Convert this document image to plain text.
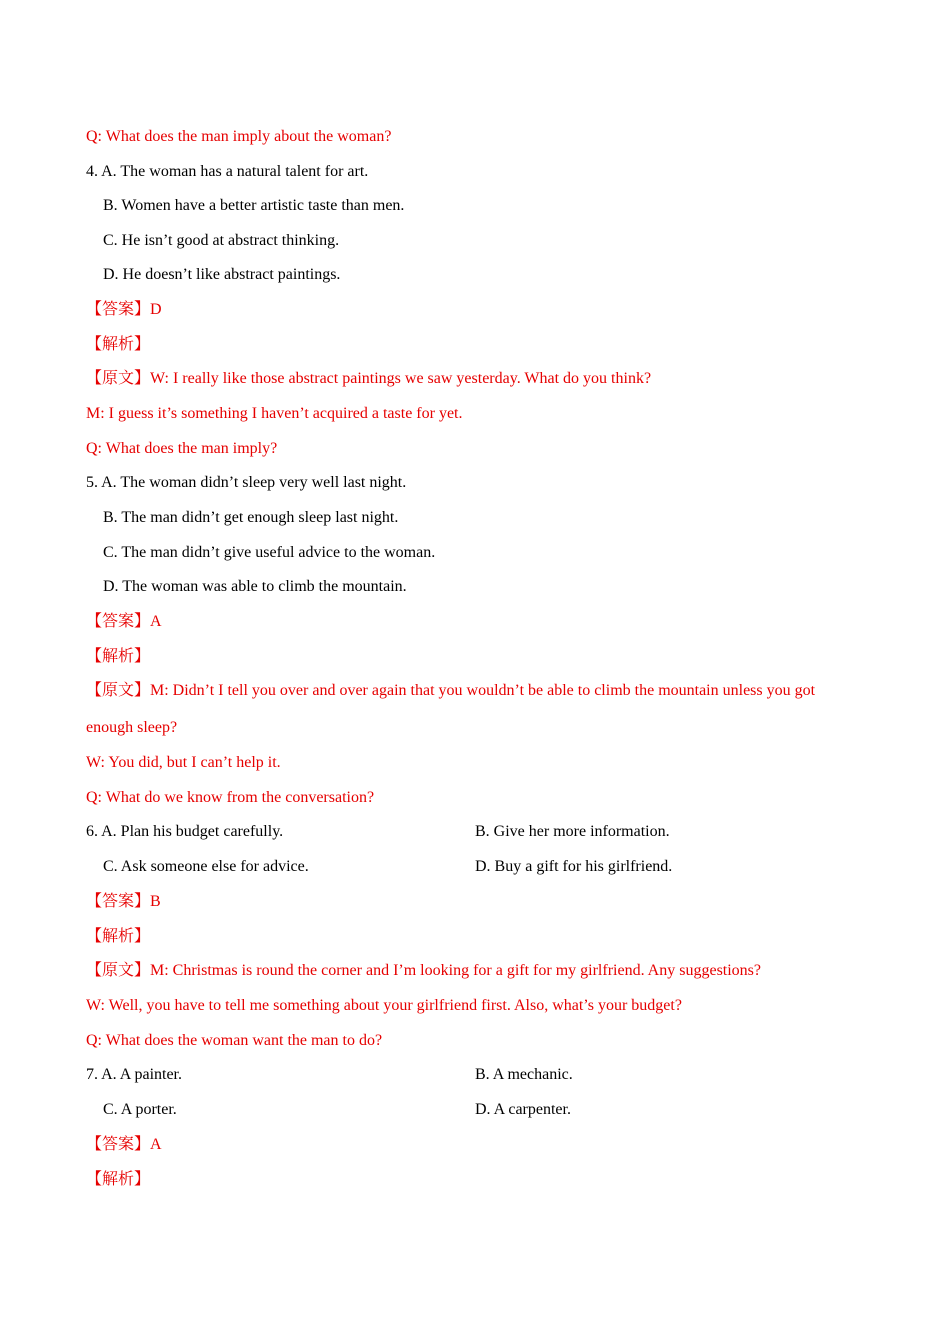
Q: What does the man imply about the woman?
4. A. The woman has a natural talent for art.
B. Women have a better artistic taste than men.
C. He isn’t good at abstract thinking.
D. He doesn’t like abstract paintings.
【答案】D
【解析】
【原文】W: I really like those abstract paintings we saw yesterday. What do you think?
M: I guess it’s something I haven’t acquired a taste for yet.
Q: What does the man imply?
5. A. The woman didn’t sleep very well last night.
B. The man didn’t get enough sleep last night.
C. The man didn’t give useful advice to the woman.
D. The woman was able to climb the mountain.
【答案】A
【解析】
【原文】M: Didn’t I tell you over and over again that you wouldn’t be able to climb the mountain unless you got
enough sleep?
W: You did, but I can’t help it.
Q: What do we know from the conversation?
6. A. Plan his budget carefully.	B. Give her more information.
C. Ask someone else for advice.	D. Buy a gift for his girlfriend.
【答案】B
【解析】
【原文】M: Christmas is round the corner and I’m looking for a gift for my girlfriend. Any suggestions?
W: Well, you have to tell me something about your girlfriend first. Also, what’s your budget?
Q: What does the woman want the man to do?
7. A. A painter.	B. A mechanic.
C. A porter.	D. A carpenter.
【答案】A
【解析】
